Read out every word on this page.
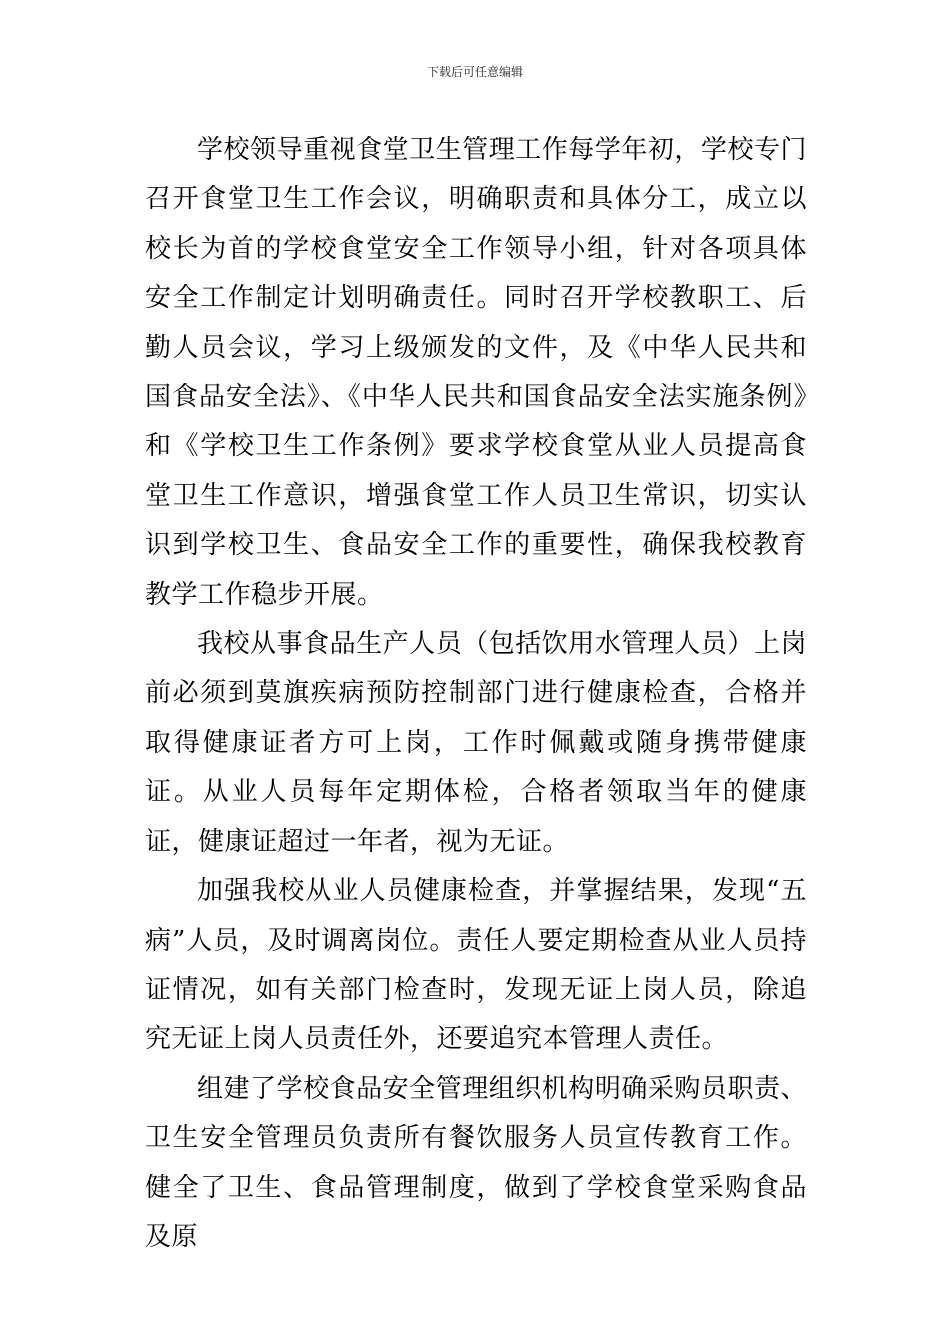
下载后可任意编辑

学校领导重视食堂卫生管理工作每学年初，学校专门召开食堂卫生工作会议，明确职责和具体分工，成立以校长为首的学校食堂安全工作领导小组，针对各项具体安全工作制定计划明确责任。同时召开学校教职工、后勤人员会议，学习上级颁发的文件，及《中华人民共和国食品安全法》、《中华人民共和国食品安全法实施条例》和《学校卫生工作条例》要求学校食堂从业人员提高食堂卫生工作意识，增强食堂工作人员卫生常识，切实认识到学校卫生、食品安全工作的重要性，确保我校教育教学工作稳步开展。

我校从事食品生产人员（包括饮用水管理人员）上岗前必须到莫旗疾病预防控制部门进行健康检查，合格并取得健康证者方可上岗，工作时佩戴或随身携带健康证。从业人员每年定期体检，合格者领取当年的健康证，健康证超过一年者，视为无证。

加强我校从业人员健康检查，并掌握结果，发现“五病”人员，及时调离岗位。责任人要定期检查从业人员持证情况，如有关部门检查时，发现无证上岗人员，除追究无证上岗人员责任外，还要追究本管理人责任。

组建了学校食品安全管理组织机构明确采购员职责、卫生安全管理员负责所有餐饮服务人员宣传教育工作。健全了卫生、食品管理制度，做到了学校食堂采购食品及原
